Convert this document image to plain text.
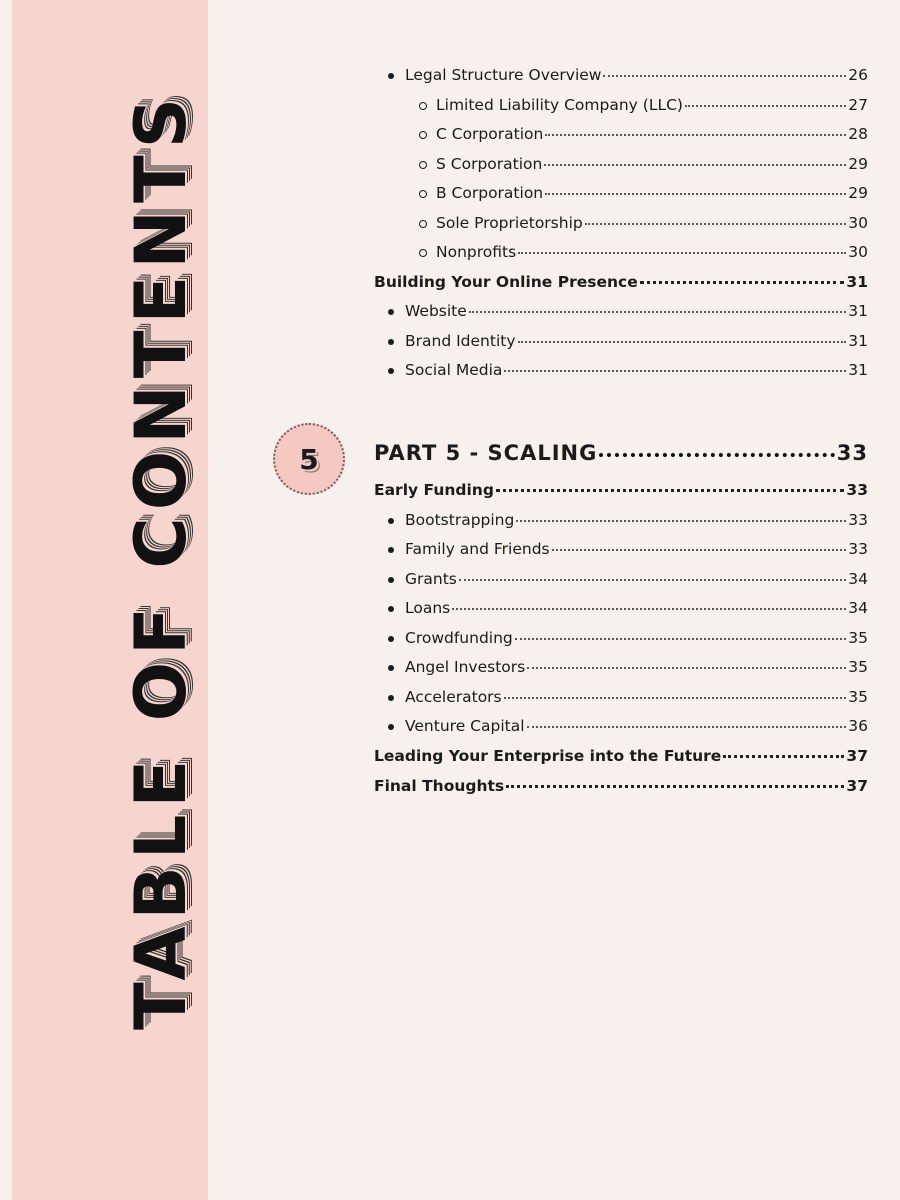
TABLE OF CONTENTS	5
Legal Structure Overview	26
Limited Liability Company (LLC)	27
C Corporation	28
S Corporation	29
B Corporation	29
Sole Proprietorship	30
Nonprofits	30
Building Your Online Presence	31
Website	31
Brand Identity	31
Social Media	31
PART 5 - SCALING	33
Early Funding	33
Bootstrapping	33
Family and Friends	33
Grants	34
Loans	34
Crowdfunding	35
Angel Investors	35
Accelerators	35
Venture Capital	36
Leading Your Enterprise into the Future	37
Final Thoughts	37
